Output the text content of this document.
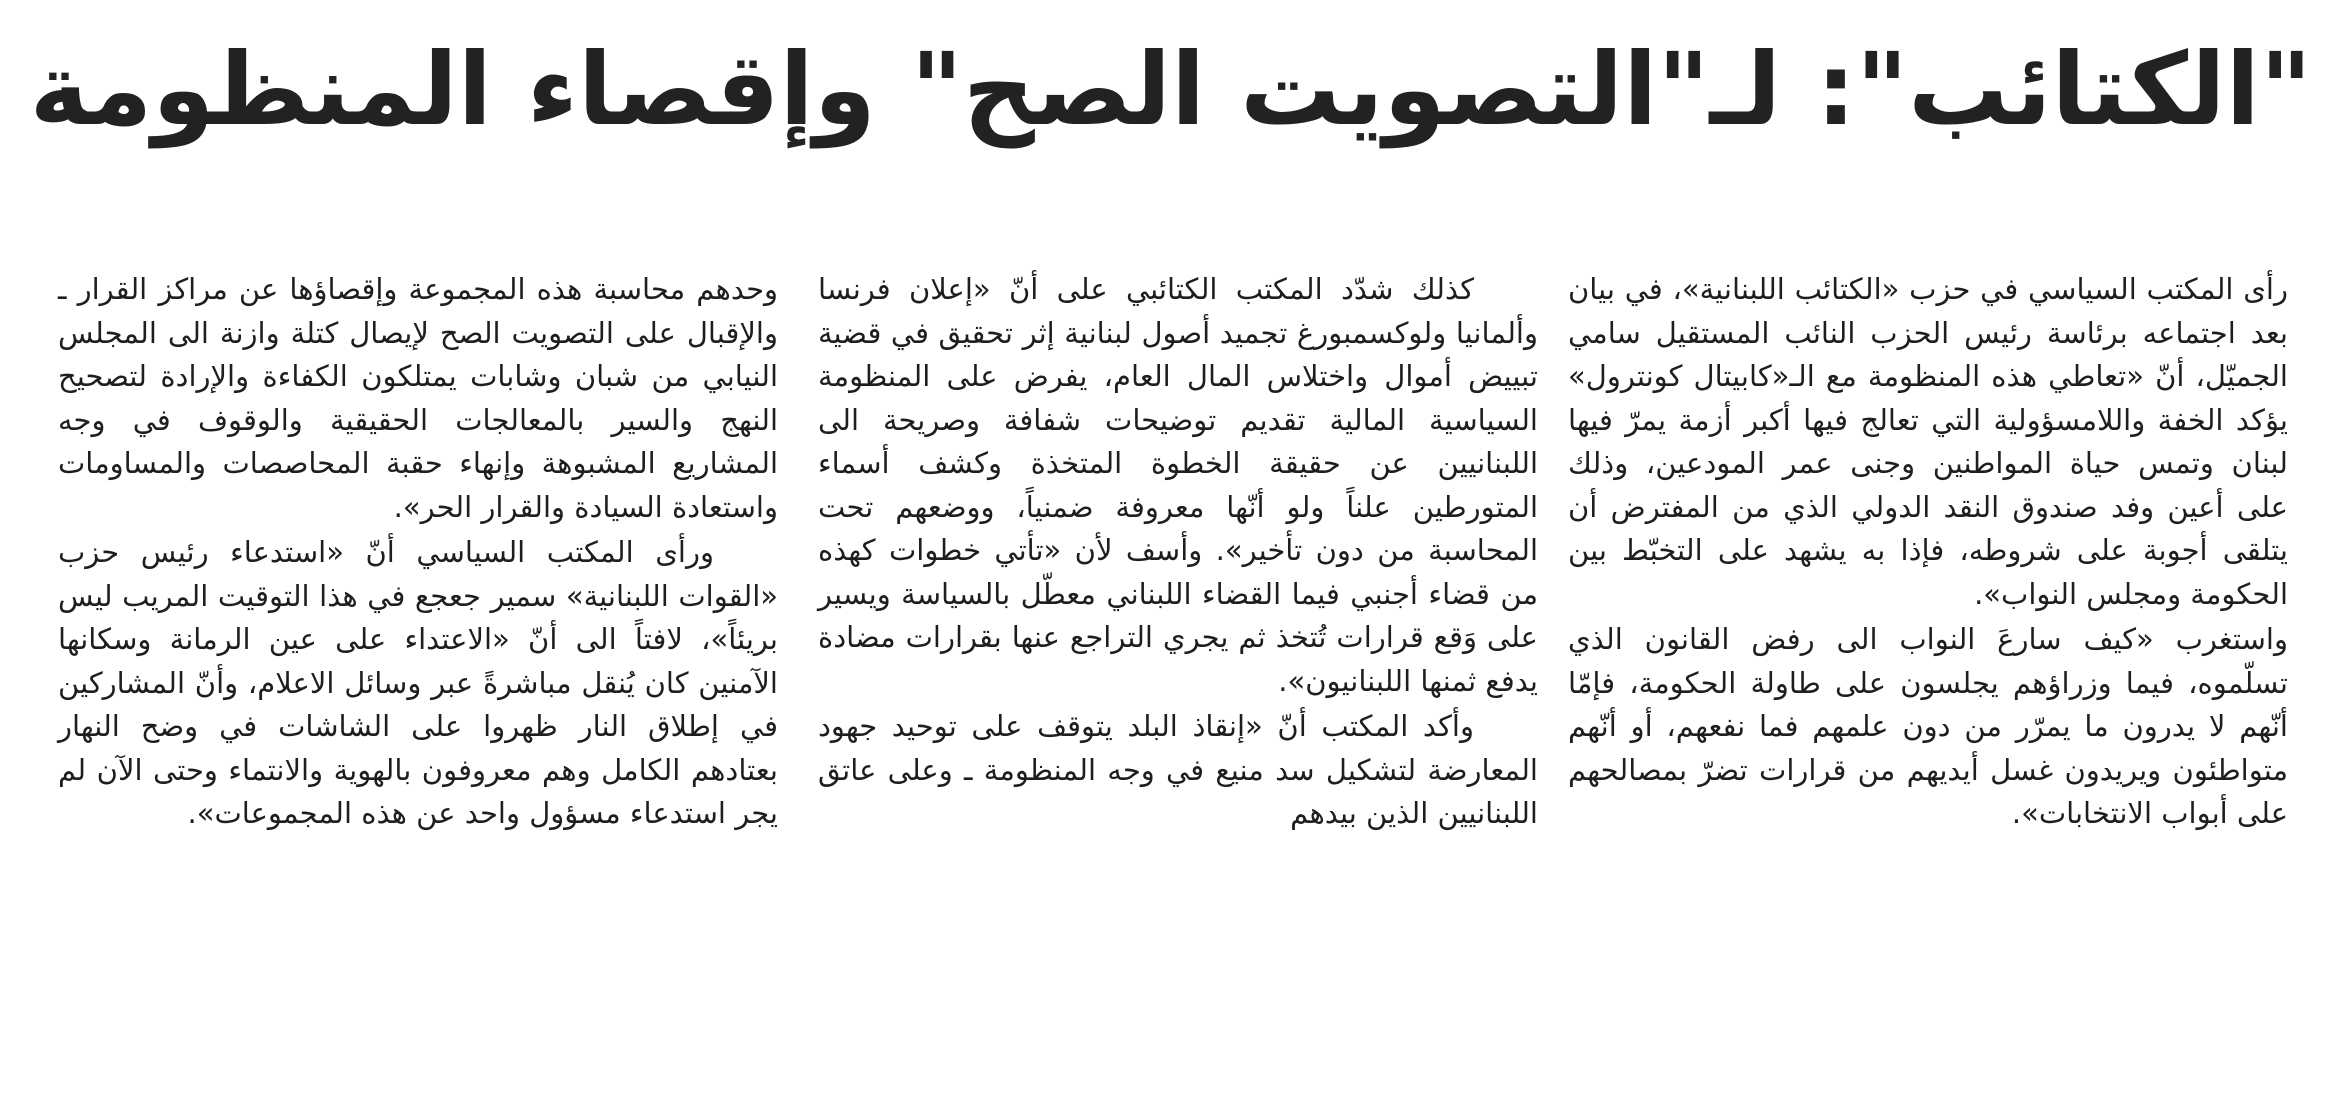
"الكتائب": لـ"التصويت الصح" وإقصاء المنظومة

رأى المكتب السياسي في حزب «الكتائب اللبنانية»، في بيان بعد اجتماعه برئاسة رئيس الحزب النائب المستقيل سامي الجميّل، أنّ «تعاطي هذه المنظومة مع الـ«كابيتال كونترول» يؤكد الخفة واللامسؤولية التي تعالج فيها أكبر أزمة يمرّ فيها لبنان وتمس حياة المواطنين وجنى عمر المودعين، وذلك على أعين وفد صندوق النقد الدولي الذي من المفترض أن يتلقى أجوبة على شروطه، فإذا به يشهد على التخبّط بين الحكومة ومجلس النواب».

واستغرب «كيف سارعَ النواب الى رفض القانون الذي تسلّموه، فيما وزراؤهم يجلسون على طاولة الحكومة، فإمّا أنّهم لا يدرون ما يمرّر من دون علمهم فما نفعهم، أو أنّهم متواطئون ويريدون غسل أيديهم من قرارات تضرّ بمصالحهم على أبواب الانتخابات».

كذلك شدّد المكتب الكتائبي على أنّ «إعلان فرنسا وألمانيا ولوكسمبورغ تجميد أصول لبنانية إثر تحقيق في قضية تبييض أموال واختلاس المال العام، يفرض على المنظومة السياسية المالية تقديم توضيحات شفافة وصريحة الى اللبنانيين عن حقيقة الخطوة المتخذة وكشف أسماء المتورطين علناً ولو أنّها معروفة ضمنياً، ووضعهم تحت المحاسبة من دون تأخير». وأسف لأن «تأتي خطوات كهذه من قضاء أجنبي فيما القضاء اللبناني معطّل بالسياسة ويسير على وَقع قرارات تُتخذ ثم يجري التراجع عنها بقرارات مضادة يدفع ثمنها اللبنانيون».

وأكد المكتب أنّ «إنقاذ البلد يتوقف على توحيد جهود المعارضة لتشكيل سد منيع في وجه المنظومة ـ وعلى عاتق اللبنانيين الذين بيدهم

وحدهم محاسبة هذه المجموعة وإقصاؤها عن مراكز القرار ـ والإقبال على التصويت الصح لإيصال كتلة وازنة الى المجلس النيابي من شبان وشابات يمتلكون الكفاءة والإرادة لتصحيح النهج والسير بالمعالجات الحقيقية والوقوف في وجه المشاريع المشبوهة وإنهاء حقبة المحاصصات والمساومات واستعادة السيادة والقرار الحر».

ورأى المكتب السياسي أنّ «استدعاء رئيس حزب «القوات اللبنانية» سمير جعجع في هذا التوقيت المريب ليس بريئاً»، لافتاً الى أنّ «الاعتداء على عين الرمانة وسكانها الآمنين كان يُنقل مباشرةً عبر وسائل الاعلام، وأنّ المشاركين في إطلاق النار ظهروا على الشاشات في وضح النهار بعتادهم الكامل وهم معروفون بالهوية والانتماء وحتى الآن لم يجر استدعاء مسؤول واحد عن هذه المجموعات».
